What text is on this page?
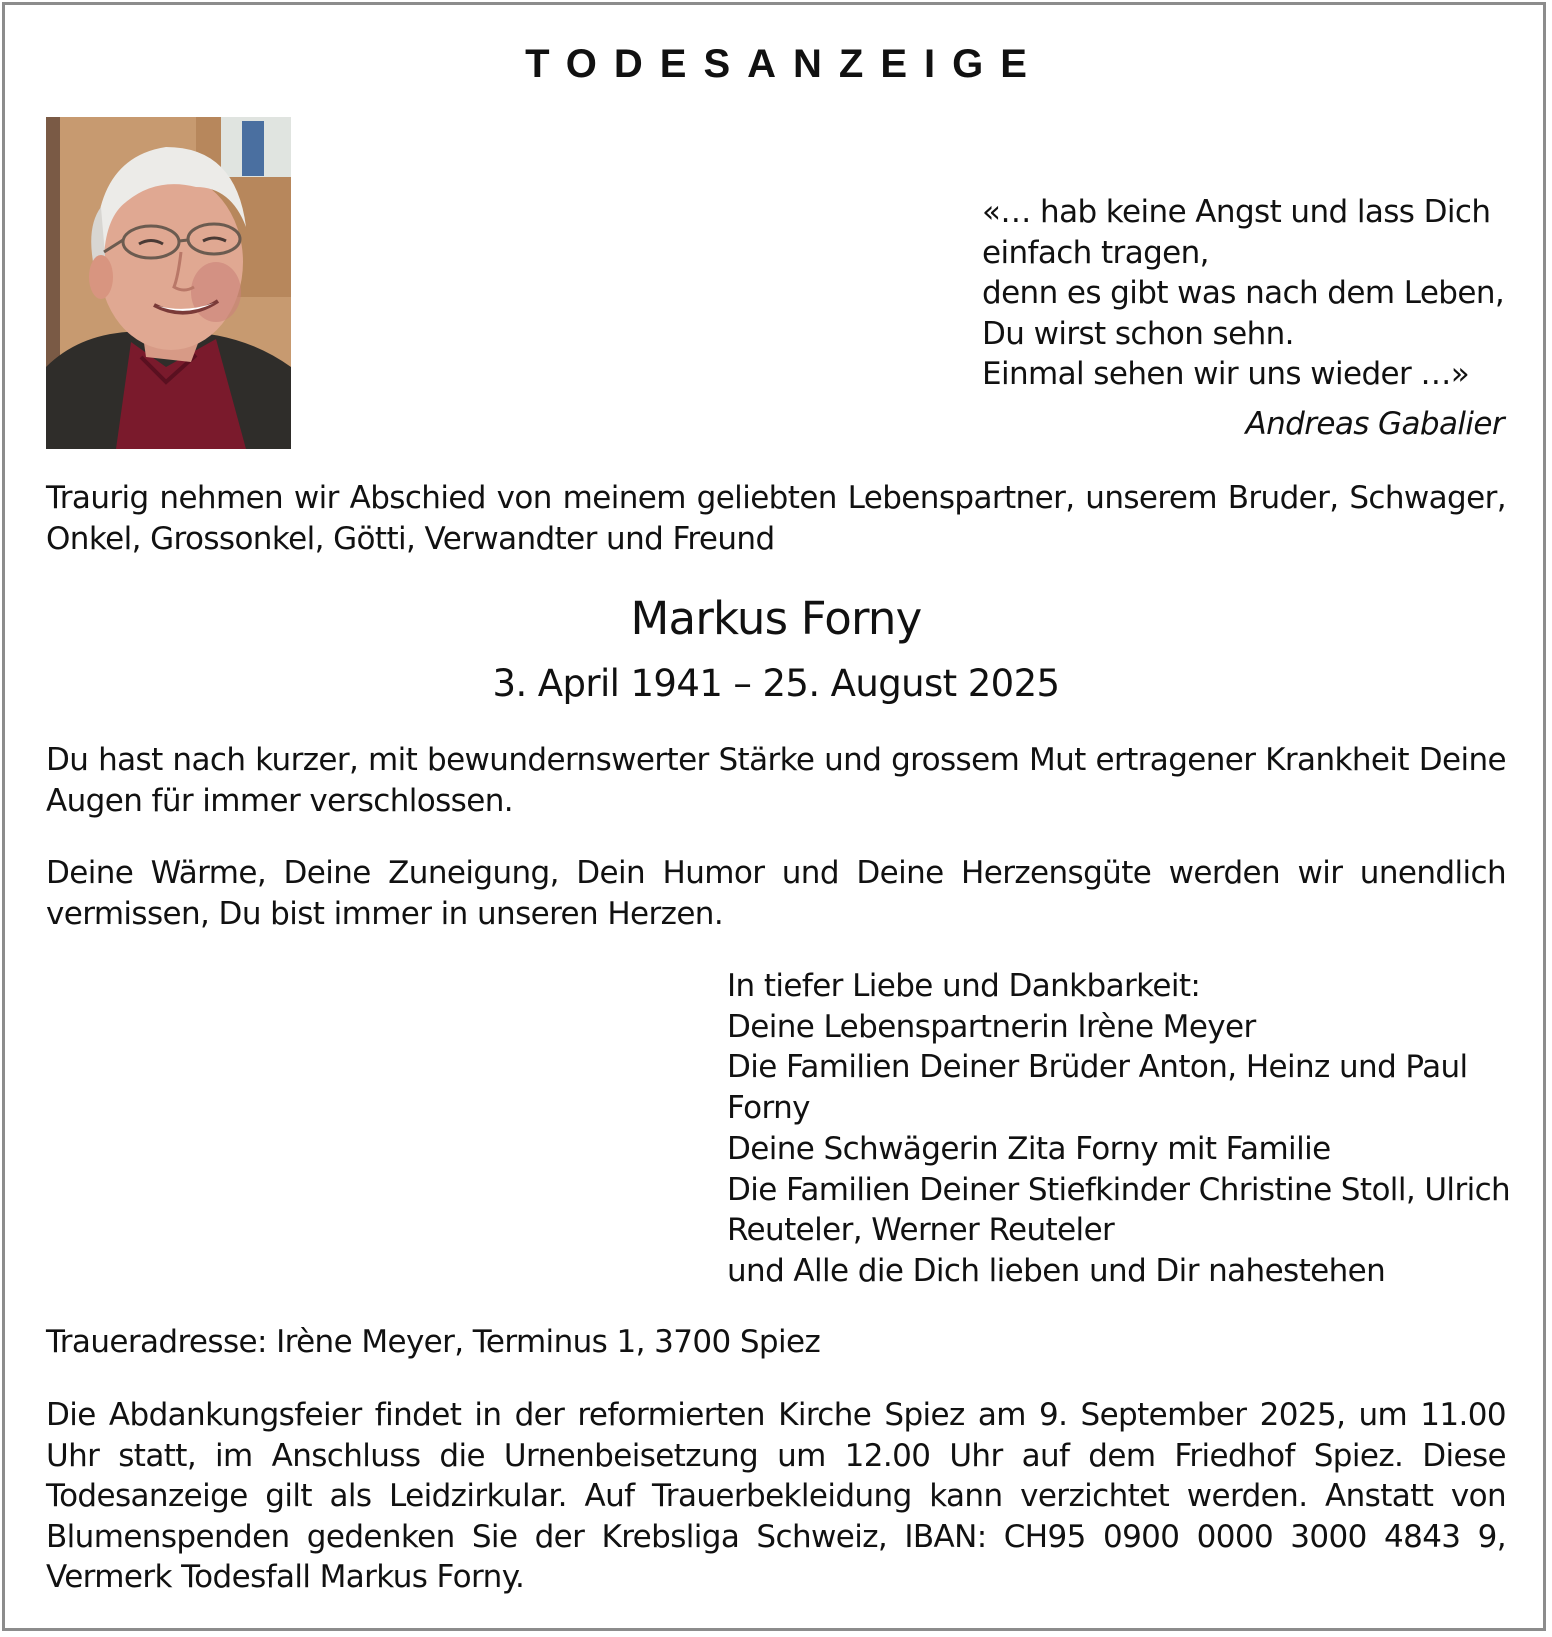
TODESANZEIGE
«… hab keine Angst und lass Dich
einfach tragen,
denn es gibt was nach dem Leben,
Du wirst schon sehn.
Einmal sehen wir uns wieder …»
Andreas Gabalier
Traurig nehmen wir Abschied von meinem geliebten Lebenspartner, unserem Bruder, Schwager, Onkel, Grossonkel, Götti, Verwandter und Freund
Markus Forny
3. April 1941 – 25. August 2025
Du hast nach kurzer, mit bewundernswerter Stärke und grossem Mut ertragener Krankheit Deine Augen für immer verschlossen.
Deine Wärme, Deine Zuneigung, Dein Humor und Deine Herzensgüte werden wir unendlich vermissen, Du bist immer in unseren Herzen.
In tiefer Liebe und Dankbarkeit:
Deine Lebenspartnerin Irène Meyer
Die Familien Deiner Brüder Anton, Heinz und Paul
Forny
Deine Schwägerin Zita Forny mit Familie
Die Familien Deiner Stiefkinder Christine Stoll, Ulrich
Reuteler, Werner Reuteler
und Alle die Dich lieben und Dir nahestehen
Traueradresse: Irène Meyer, Terminus 1, 3700 Spiez
Die Abdankungsfeier findet in der reformierten Kirche Spiez am 9. September 2025, um 11.00 Uhr statt, im Anschluss die Urnenbeisetzung um 12.00 Uhr auf dem Friedhof Spiez. Diese Todesanzeige gilt als Leidzirkular. Auf Trauerbekleidung kann verzichtet werden. Anstatt von Blumenspenden gedenken Sie der Krebsliga Schweiz, IBAN: CH95 0900 0000 3000 4843 9, Vermerk Todesfall Markus Forny.
